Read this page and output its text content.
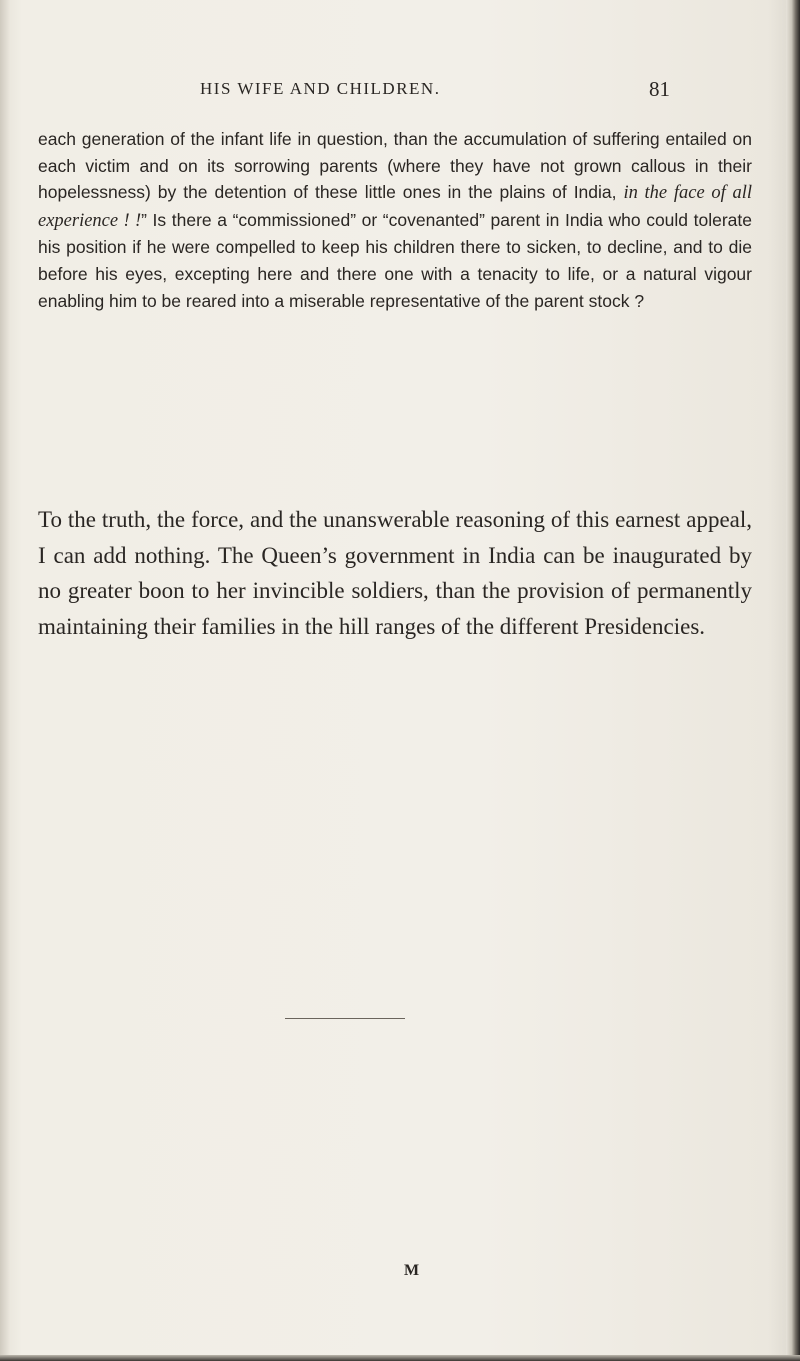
HIS WIFE AND CHILDREN.	81

each generation of the infant life in question, than the accumulation of suffering entailed on each victim and on its sorrowing parents (where they have not grown callous in their hopelessness) by the detention of these little ones in the plains of India, in the face of all experience ! !” Is there a “commissioned” or “covenanted” parent in India who could tolerate his position if he were compelled to keep his children there to sicken, to decline, and to die before his eyes, excepting here and there one with a tenacity to life, or a natural vigour enabling him to be reared into a miserable representative of the parent stock ?

To the truth, the force, and the unanswerable reasoning of this earnest appeal, I can add nothing. The Queen’s government in India can be inaugurated by no greater boon to her invincible soldiers, than the provision of permanently maintaining their families in the hill ranges of the different Presidencies.

M
